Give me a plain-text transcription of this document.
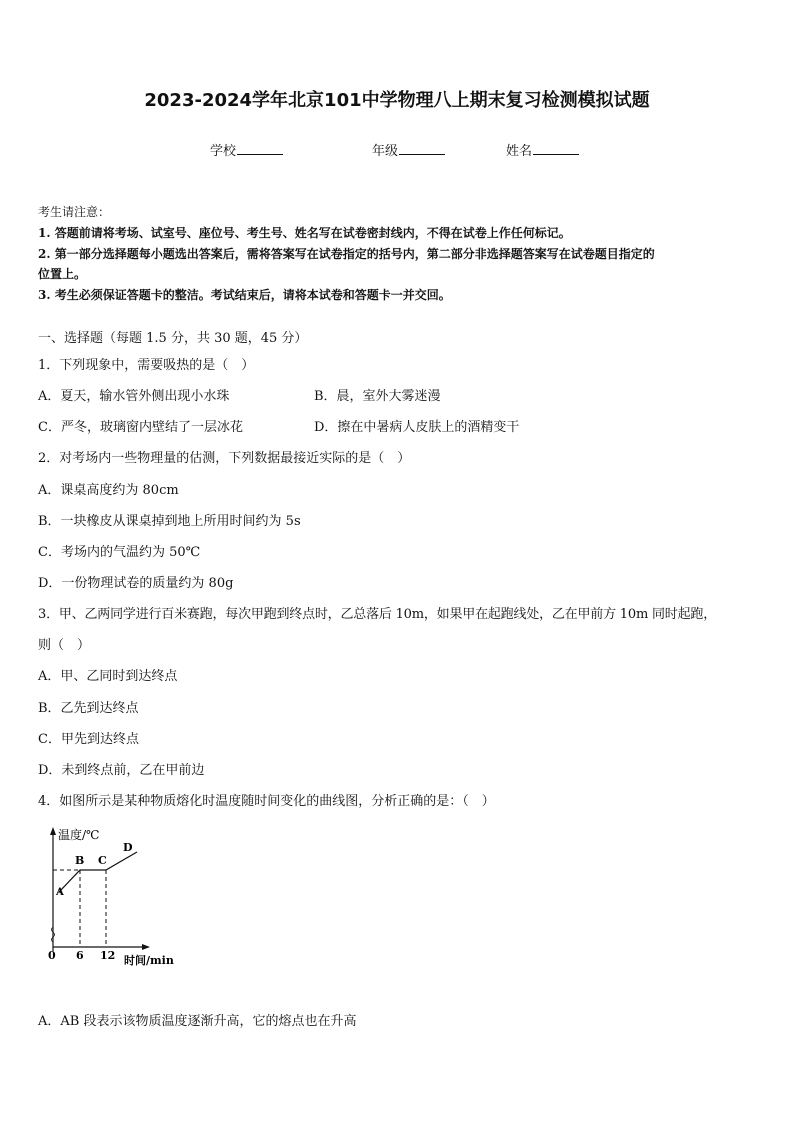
2023-2024学年北京101中学物理八上期末复习检测模拟试题
学校	年级	姓名
考生请注意：
1. 答题前请将考场、试室号、座位号、考生号、姓名写在试卷密封线内，不得在试卷上作任何标记。
2. 第一部分选择题每小题选出答案后，需将答案写在试卷指定的括号内，第二部分非选择题答案写在试卷题目指定的
位置上。
3. 考生必须保证答题卡的整洁。考试结束后，请将本试卷和答题卡一并交回。
一、选择题（每题 1.5 分，共 30 题，45 分）
1．下列现象中，需要吸热的是（　）
A．夏天，输水管外侧出现小水珠	B．晨，室外大雾迷漫
C．严冬，玻璃窗内壁结了一层冰花	D．擦在中暑病人皮肤上的酒精变干
2．对考场内一些物理量的估测，下列数据最接近实际的是（　）
A．课桌高度约为 80cm
B．一块橡皮从课桌掉到地上所用时间约为 5s
C．考场内的气温约为 50℃
D．一份物理试卷的质量约为 80g
3．甲、乙两同学进行百米赛跑，每次甲跑到终点时，乙总落后 10m，如果甲在起跑线处，乙在甲前方 10m 同时起跑，
则（　）
A．甲、乙同时到达终点
B．乙先到达终点
C．甲先到达终点
D．未到终点前，乙在甲前边
4．如图所示是某种物质熔化时温度随时间变化的曲线图，分析正确的是：（　）
温度/℃
时间/min
0 6 12
A
B C
D
A．AB 段表示该物质温度逐渐升高，它的熔点也在升高
